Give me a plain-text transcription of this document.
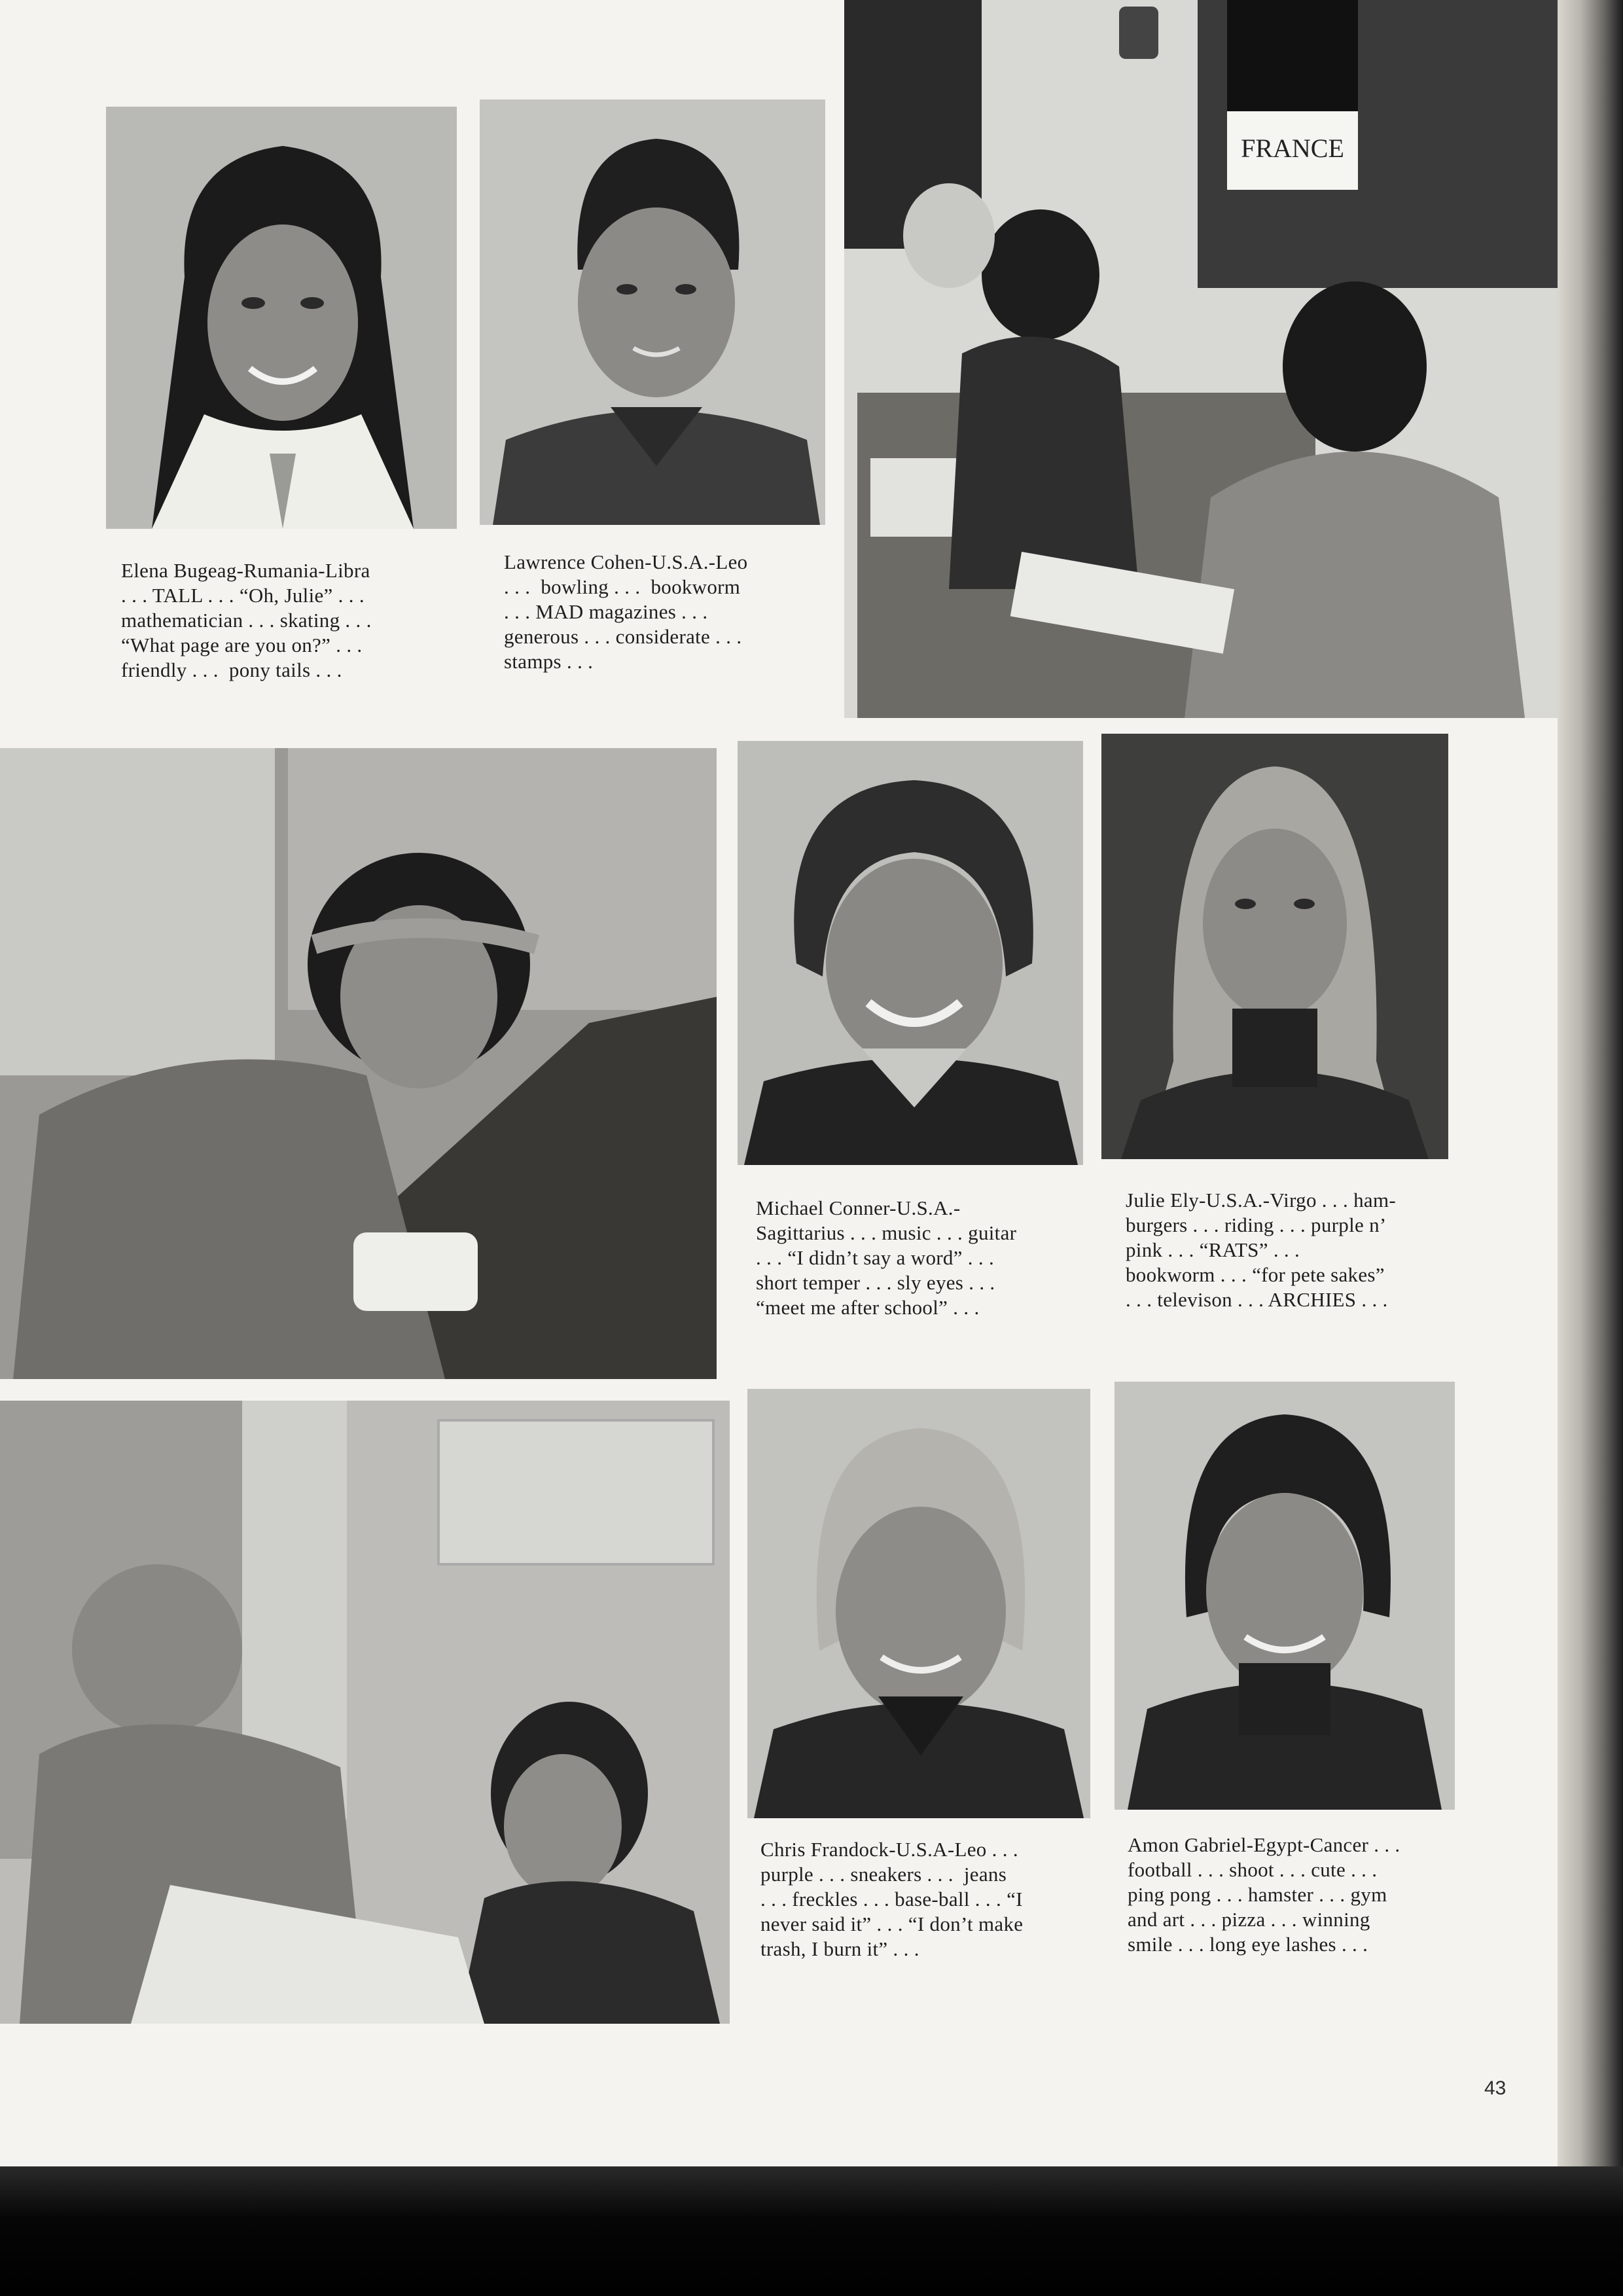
FRANCE
Elena Bugeag-Rumania-Libra
. . . TALL . . . “Oh, Julie” . . .
mathematician . . . skating . . .
“What page are you on?” . . .
friendly . . .  pony tails . . .
Lawrence Cohen-U.S.A.-Leo
. . .  bowling . . .  bookworm
. . . MAD magazines . . .
generous . . . considerate . . .
stamps . . .
Michael Conner-U.S.A.-
Sagittarius . . . music . . . guitar
. . . “I didn’t say a word” . . .
short temper . . . sly eyes . . .
“meet me after school” . . .
Julie Ely-U.S.A.-Virgo . . . ham-
burgers . . . riding . . . purple n’
pink . . . “RATS” . . .
bookworm . . . “for pete sakes”
. . . televison . . . ARCHIES . . .
Chris Frandock-U.S.A-Leo . . .
purple . . . sneakers . . .  jeans
. . . freckles . . . base-ball . . . “I
never said it” . . . “I don’t make
trash, I burn it” . . .
Amon Gabriel-Egypt-Cancer . . .
football . . . shoot . . . cute . . .
ping pong . . . hamster . . . gym
and art . . . pizza . . . winning
smile . . . long eye lashes . . .
43
